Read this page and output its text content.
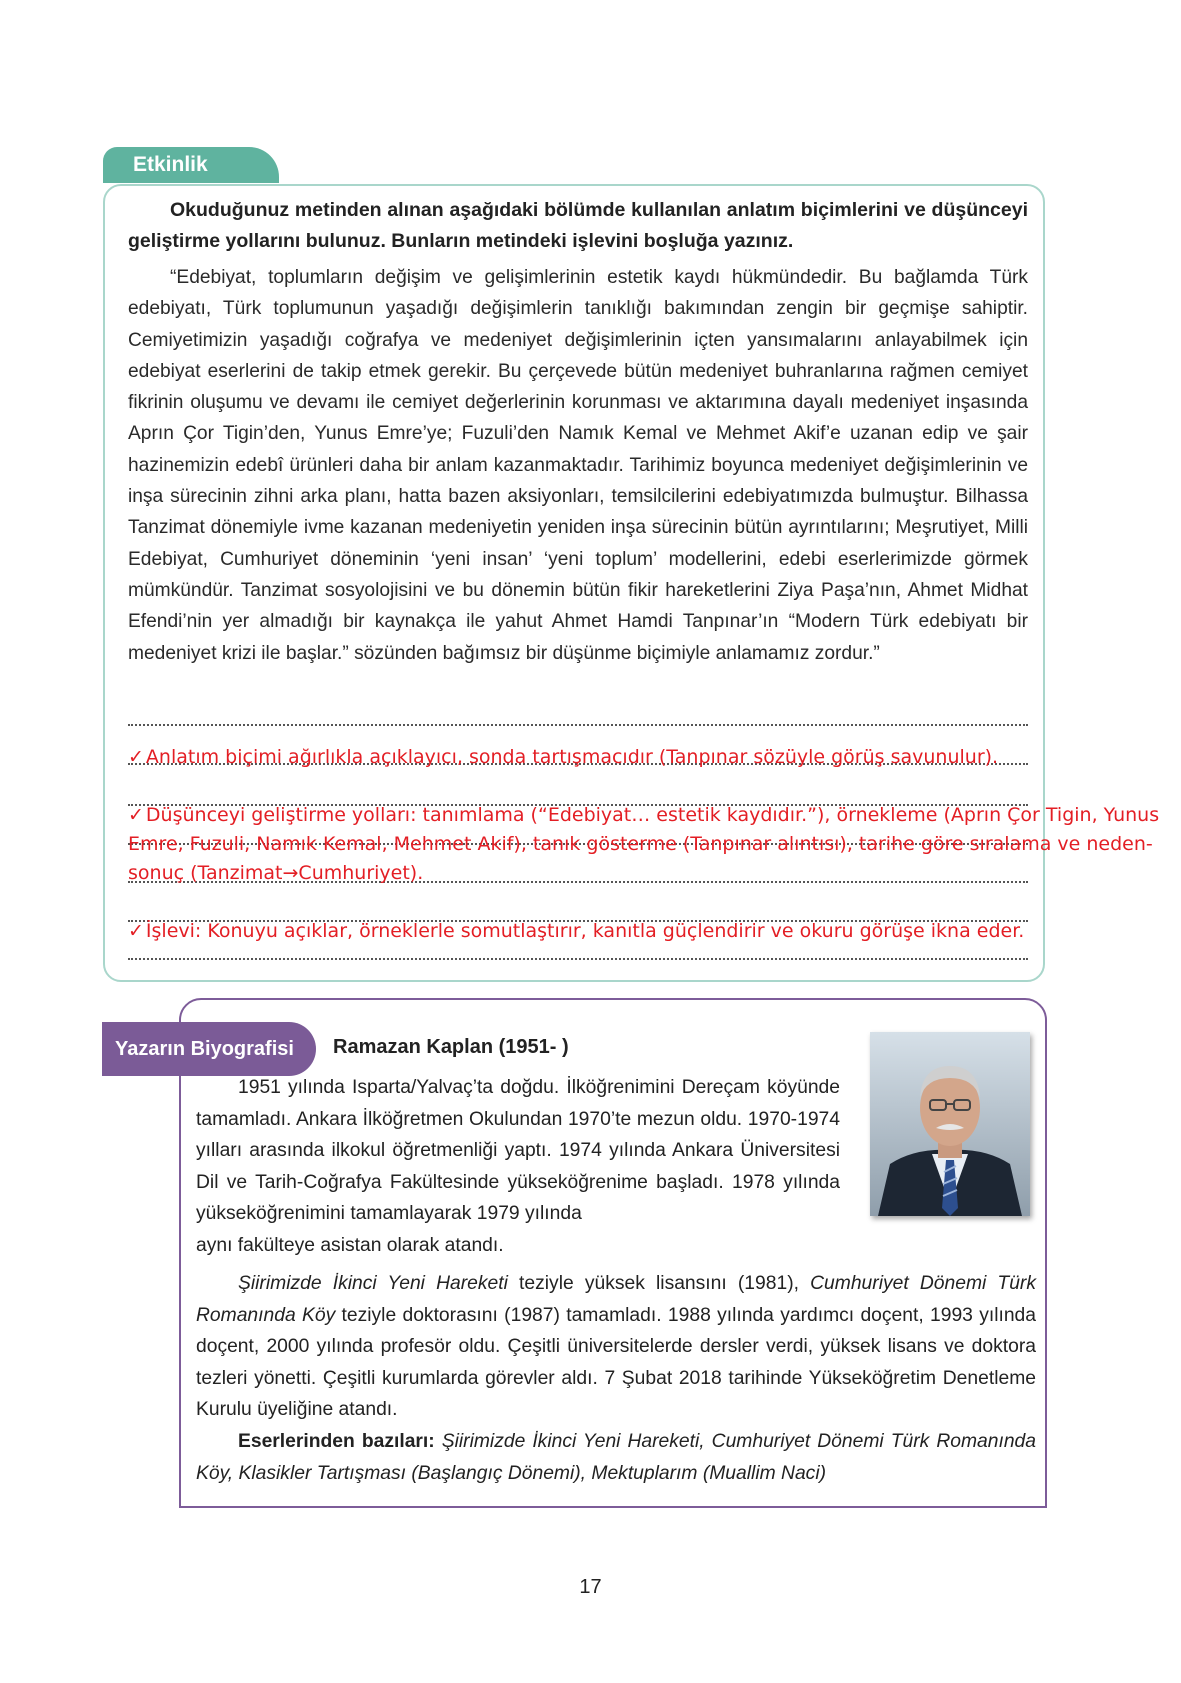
Etkinlik
Okuduğunuz metinden alınan aşağıdaki bölümde kullanılan anlatım biçimlerini ve düşünceyi geliştirme yollarını bulunuz. Bunların metindeki işlevini boşluğa yazınız.
“Edebiyat, toplumların değişim ve gelişimlerinin estetik kaydı hükmündedir. Bu bağlamda Türk edebiyatı, Türk toplumunun yaşadığı değişimlerin tanıklığı bakımından zengin bir geçmişe sahiptir. Cemiyetimizin yaşadığı coğrafya ve medeniyet değişimlerinin içten yansımalarını anlayabilmek için edebiyat eserlerini de takip etmek gerekir. Bu çerçevede bütün medeniyet buhranlarına rağmen cemiyet fikrinin oluşumu ve devamı ile cemiyet değerlerinin korunması ve aktarımına dayalı medeniyet inşasında Aprın Çor Tigin’den, Yunus Emre’ye; Fuzuli’den Namık Kemal ve Mehmet Akif’e uzanan edip ve şair hazinemizin edebî ürünleri daha bir anlam kazanmaktadır. Tarihimiz boyunca medeniyet değişimlerinin ve inşa sürecinin zihni arka planı, hatta bazen aksiyonları, temsilcilerini edebiyatımızda bulmuştur. Bilhassa Tanzimat dönemiyle ivme kazanan medeniyetin yeniden inşa sürecinin bütün ayrıntılarını; Meşrutiyet, Milli Edebiyat, Cumhuriyet döneminin ‘yeni insan’ ‘yeni toplum’ modellerini, edebi eserlerimizde görmek mümkündür. Tanzimat sosyolojisini ve bu dönemin bütün fikir hareketlerini Ziya Paşa’nın, Ahmet Midhat Efendi’nin yer almadığı bir kaynakça ile yahut Ahmet Hamdi Tanpınar’ın “Modern Türk edebiyatı bir medeniyet krizi ile başlar.” sözünden bağımsız bir düşünme biçimiyle anlamamız zordur.”
✓ Anlatım biçimi ağırlıkla açıklayıcı, sonda tartışmacıdır (Tanpınar sözüyle görüş savunulur).
✓ Düşünceyi geliştirme yolları: tanımlama (“Edebiyat… estetik kaydıdır.”), örnekleme (Aprın Çor Tigin, Yunus Emre, Fuzuli, Namık Kemal, Mehmet Akif), tanık gösterme (Tanpınar alıntısı), tarihe göre sıralama ve neden-sonuç (Tanzimat→Cumhuriyet).
✓ İşlevi: Konuyu açıklar, örneklerle somutlaştırır, kanıtla güçlendirir ve okuru görüşe ikna eder.
Yazarın Biyografisi	Ramazan Kaplan (1951- )
1951 yılında Isparta/Yalvaç’ta doğdu. İlköğrenimini Dereçam köyünde tamamladı. Ankara İlköğretmen Okulundan 1970’te mezun oldu. 1970-1974 yılları arasında ilkokul öğretmenliği yaptı. 1974 yılında Ankara Üniversitesi Dil ve Tarih-Coğrafya Fakültesinde yükseköğrenime başladı. 1978 yılında yükseköğrenimini tamamlayarak 1979 yılında
aynı fakülteye asistan olarak atandı.
Şiirimizde İkinci Yeni Hareketi teziyle yüksek lisansını (1981), Cumhuriyet Dönemi Türk Romanında Köy teziyle doktorasını (1987) tamamladı. 1988 yılında yardımcı doçent, 1993 yılında doçent, 2000 yılında profesör oldu. Çeşitli üniversitelerde dersler verdi, yüksek lisans ve doktora tezleri yönetti. Çeşitli kurumlarda görevler aldı. 7 Şubat 2018 tarihinde Yükseköğretim Denetleme Kurulu üyeliğine atandı.
Eserlerinden bazıları: Şiirimizde İkinci Yeni Hareketi, Cumhuriyet Dönemi Türk Romanında Köy, Klasikler Tartışması (Başlangıç Dönemi), Mektuplarım (Muallim Naci)
17
